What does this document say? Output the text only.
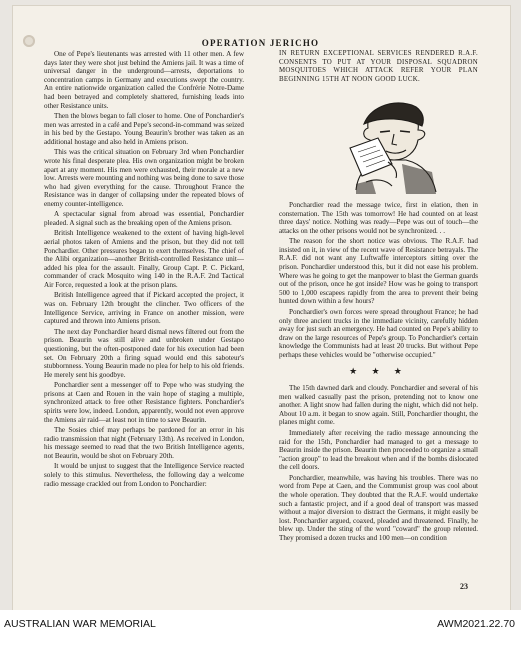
OPERATION JERICHO

One of Pepe's lieutenants was arrested with 11 other men. A few days later they were shot just behind the Amiens jail. It was a time of universal danger in the underground—arrests, deportations to concentration camps in Germany and executions swept the country. An entire nationwide organization called the Confrérie Notre-Dame had been betrayed and completely shattered, furnishing leads into other Resistance units.

Then the blows began to fall closer to home. One of Ponchardier's men was arrested in a café and Pepe's second-in-command was seized in his bed by the Gestapo. Young Beaurin's brother was taken as an additional hostage and also held in Amiens prison.

This was the critical situation on February 3rd when Ponchardier wrote his final desperate plea. His own organization might be broken apart at any moment. His men were exhausted, their morale at a new low. Arrests were mounting and nothing was being done to save those who had given everything for the cause. Throughout France the Resistance was in danger of collapsing under the repeated blows of enemy counter-intelligence.

A spectacular signal from abroad was essential, Ponchardier pleaded. A signal such as the breaking open of the Amiens prison.

British Intelligence weakened to the extent of having high-level aerial photos taken of Amiens and the prison, but they did not tell Ponchardier. Other pressures began to exert themselves. The chief of the Alibi organization—another British-controlled Resistance unit—added his plea for the assault. Finally, Group Capt. P. C. Pickard, commander of crack Mosquito wing 140 in the R.A.F. 2nd Tactical Air Force, requested a look at the prison plans.

British Intelligence agreed that if Pickard accepted the project, it was on. February 12th brought the clincher. Two officers of the Intelligence Service, arriving in France on another mission, were captured and thrown into Amiens prison.

The next day Ponchardier heard dismal news filtered out from the prison. Beaurin was still alive and unbroken under Gestapo questioning, but the often-postponed date for his execution had been set. On February 20th a firing squad would end this saboteur's stubbornness. Young Beaurin made no plea for help to his old friends. He merely sent his goodbye.

Ponchardier sent a messenger off to Pepe who was studying the prisons at Caen and Rouen in the vain hope of staging a multiple, synchronized attack to free other Resistance fighters. Ponchardier's spirits were low, indeed. London, apparently, would not even approve the Amiens air raid—at least not in time to save Beaurin.

The Sosies chief may perhaps be pardoned for an error in his radio transmission that night (February 13th). As received in London, his message seemed to read that the two British Intelligence agents, not Beaurin, would be shot on February 20th.

It would be unjust to suggest that the Intelligence Service reacted solely to this stimulus. Nevertheless, the following day a welcome radio message crackled out from London to Ponchardier:

IN RETURN EXCEPTIONAL SERVICES RENDERED R.A.F. CONSENTS TO PUT AT YOUR DISPOSAL SQUADRON MOSQUITOES WHICH ATTACK REFER YOUR PLAN BEGINNING 15TH AT NOON GOOD LUCK.

Ponchardier read the message twice, first in elation, then in consternation. The 15th was tomorrow! He had counted on at least three days' notice. Nothing was ready—Pepe was out of touch—the attacks on the other prisons would not be synchronized. . .

The reason for the short notice was obvious. The R.A.F. had insisted on it, in view of the recent wave of Resistance betrayals. The R.A.F. did not want any Luftwaffe interceptors sitting over the prison. Ponchardier understood this, but it did not ease his problem. Where was he going to get the manpower to blast the German guards out of the prison, once he got inside? How was he going to transport 500 to 1,000 escapees rapidly from the area to prevent their being hunted down within a few hours?

Ponchardier's own forces were spread throughout France; he had only three ancient trucks in the immediate vicinity, carefully hidden away for just such an emergency. He had counted on Pepe's ability to draw on the large resources of Pepe's group. To Ponchardier's certain knowledge the Communists had at least 20 trucks. But without Pepe perhaps these vehicles would be "otherwise occupied."

★ ★ ★

The 15th dawned dark and cloudy. Ponchardier and several of his men walked casually past the prison, pretending not to know one another. A light snow had fallen during the night, which did not help. About 10 a.m. it began to snow again. Still, Ponchardier thought, the planes might come.

Immediately after receiving the radio message announcing the raid for the 15th, Ponchardier had managed to get a message to Beaurin inside the prison. Beaurin then proceeded to organize a small "action group" to lead the breakout when and if the bombs dislocated the cell doors.

Ponchardier, meanwhile, was having his troubles. There was no word from Pepe at Caen, and the Communist group was cool about the whole operation. They doubted that the R.A.F. would undertake such a fantastic project, and if a good deal of transport was massed without a major diversion to distract the Germans, it might easily be lost. Ponchardier argued, coaxed, pleaded and threatened. Finally, he blew up. Under the sting of the word "coward" the group relented. They promised a dozen trucks and 100 men—on condition

23
AUSTRALIAN WAR MEMORIAL	AWM2021.22.70
